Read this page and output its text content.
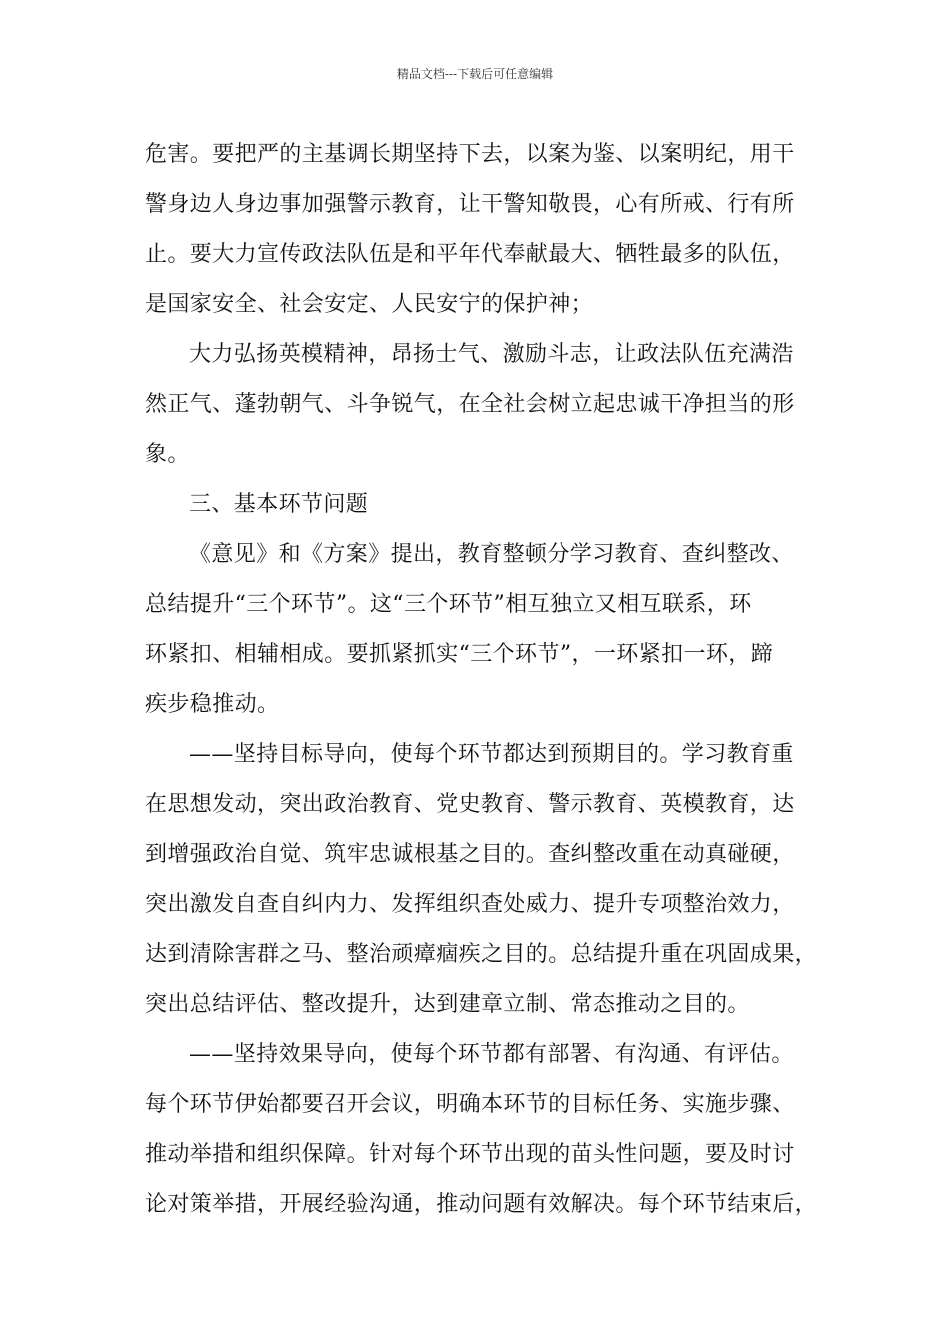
精品文档---下载后可任意编辑
危害。要把严的主基调长期坚持下去，以案为鉴、以案明纪，用干
警身边人身边事加强警示教育，让干警知敬畏，心有所戒、行有所
止。要大力宣传政法队伍是和平年代奉献最大、牺牲最多的队伍，
是国家安全、社会安定、人民安宁的保护神；
大力弘扬英模精神，昂扬士气、激励斗志，让政法队伍充满浩
然正气、蓬勃朝气、斗争锐气，在全社会树立起忠诚干净担当的形
象。
三、基本环节问题
《意见》和《方案》提出，教育整顿分学习教育、查纠整改、
总结提升“三个环节”。这“三个环节”相互独立又相互联系，环
环紧扣、相辅相成。要抓紧抓实“三个环节”，一环紧扣一环，蹄
疾步稳推动。
——坚持目标导向，使每个环节都达到预期目的。学习教育重
在思想发动，突出政治教育、党史教育、警示教育、英模教育，达
到增强政治自觉、筑牢忠诚根基之目的。查纠整改重在动真碰硬，
突出激发自查自纠内力、发挥组织查处威力、提升专项整治效力，
达到清除害群之马、整治顽瘴痼疾之目的。总结提升重在巩固成果，
突出总结评估、整改提升，达到建章立制、常态推动之目的。
——坚持效果导向，使每个环节都有部署、有沟通、有评估。
每个环节伊始都要召开会议，明确本环节的目标任务、实施步骤、
推动举措和组织保障。针对每个环节出现的苗头性问题，要及时讨
论对策举措，开展经验沟通，推动问题有效解决。每个环节结束后，
